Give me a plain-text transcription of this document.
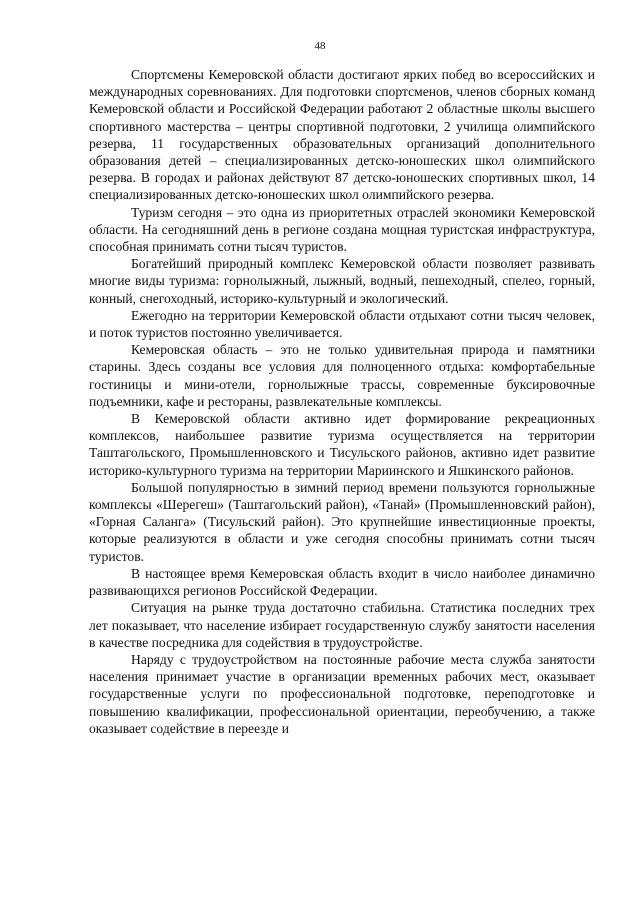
48

Спортсмены Кемеровской области достигают ярких побед во всероссийских и международных соревнованиях. Для подготовки спортсменов, членов сборных команд Кемеровской области и Российской Федерации работают 2 областные школы высшего спортивного мастерства – центры спортивной подготовки, 2 училища олимпийского резерва, 11 государственных образовательных организаций дополнительного образования детей – специализированных детско-юношеских школ олимпийского резерва. В городах и районах действуют 87 детско-юношеских спортивных школ, 14 специализированных детско-юношеских школ олимпийского резерва.

Туризм сегодня – это одна из приоритетных отраслей экономики Кемеровской области. На сегодняшний день в регионе создана мощная туристская инфраструктура, способная принимать сотни тысяч туристов.

Богатейший природный комплекс Кемеровской области позволяет развивать многие виды туризма: горнолыжный, лыжный, водный, пешеходный, спелео, горный, конный, снегоходный, историко-культурный и экологический.

Ежегодно на территории Кемеровской области отдыхают сотни тысяч человек, и поток туристов постоянно увеличивается.

Кемеровская область – это не только удивительная природа и памятники старины. Здесь созданы все условия для полноценного отдыха: комфортабельные гостиницы и мини-отели, горнолыжные трассы, современные буксировочные подъемники, кафе и рестораны, развлекательные комплексы.

В Кемеровской области активно идет формирование рекреационных комплексов, наибольшее развитие туризма осуществляется на территории Таштагольского, Промышленновского и Тисульского районов, активно идет развитие историко-культурного туризма на территории Мариинского и Яшкинского районов.

Большой популярностью в зимний период времени пользуются горнолыжные комплексы «Шерегеш» (Таштагольский район), «Танай» (Промышленновский район), «Горная Саланга» (Тисульский район). Это крупнейшие инвестиционные проекты, которые реализуются в области и уже сегодня способны принимать сотни тысяч туристов.

В настоящее время Кемеровская область входит в число наиболее динамично развивающихся регионов Российской Федерации.

Ситуация на рынке труда достаточно стабильна. Статистика последних трех лет показывает, что население избирает государственную службу занятости населения в качестве посредника для содействия в трудоустройстве.

Наряду с трудоустройством на постоянные рабочие места служба занятости населения принимает участие в организации временных рабочих мест, оказывает государственные услуги по профессиональной подготовке, переподготовке и повышению квалификации, профессиональной ориентации, переобучению, а также оказывает содействие в переезде и
